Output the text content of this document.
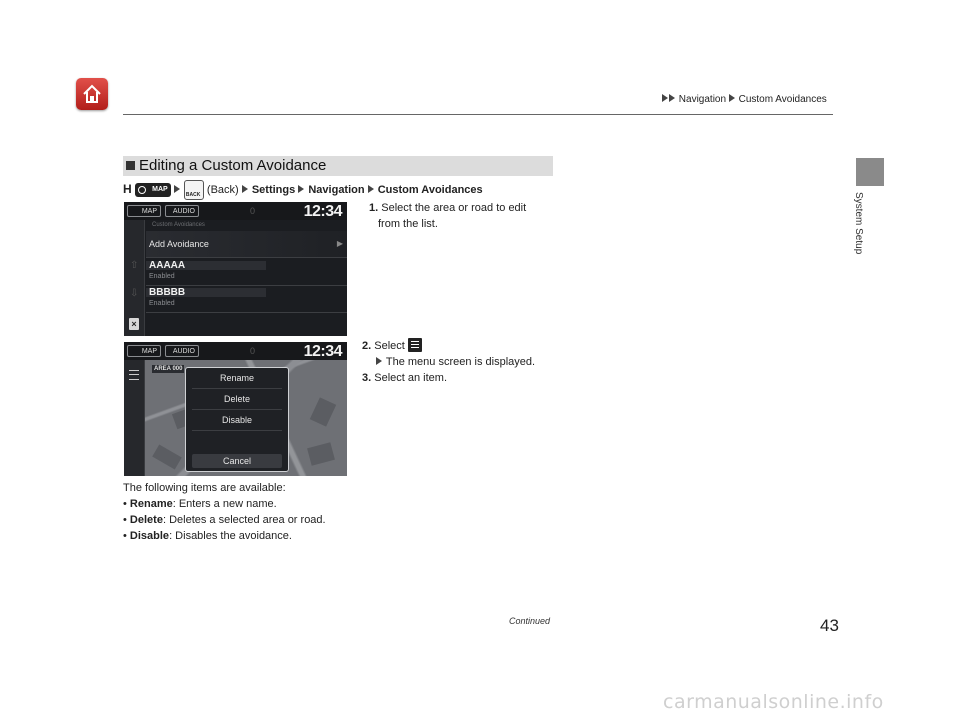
Navigation Custom Avoidances
System Setup
Editing a Custom Avoidance
H	MAP
BACK (Back) Settings Navigation Custom Avoidances
MAP	AUDIO	0	12:34
⇧
⇩
×
Custom Avoidances
Add Avoidance	▶
AAAAA
Enabled
BBBBB
Enabled
1. Select the area or road to edit
from the list.
MAP	AUDIO	0	12:34
AREA 000
Rename
Delete
Disable
Cancel
2. Select

The menu screen is displayed.
3. Select an item.
The following items are available:
• Rename: Enters a new name.
• Delete: Deletes a selected area or road.
• Disable: Disables the avoidance.
Continued	43
carmanualsonline.info
